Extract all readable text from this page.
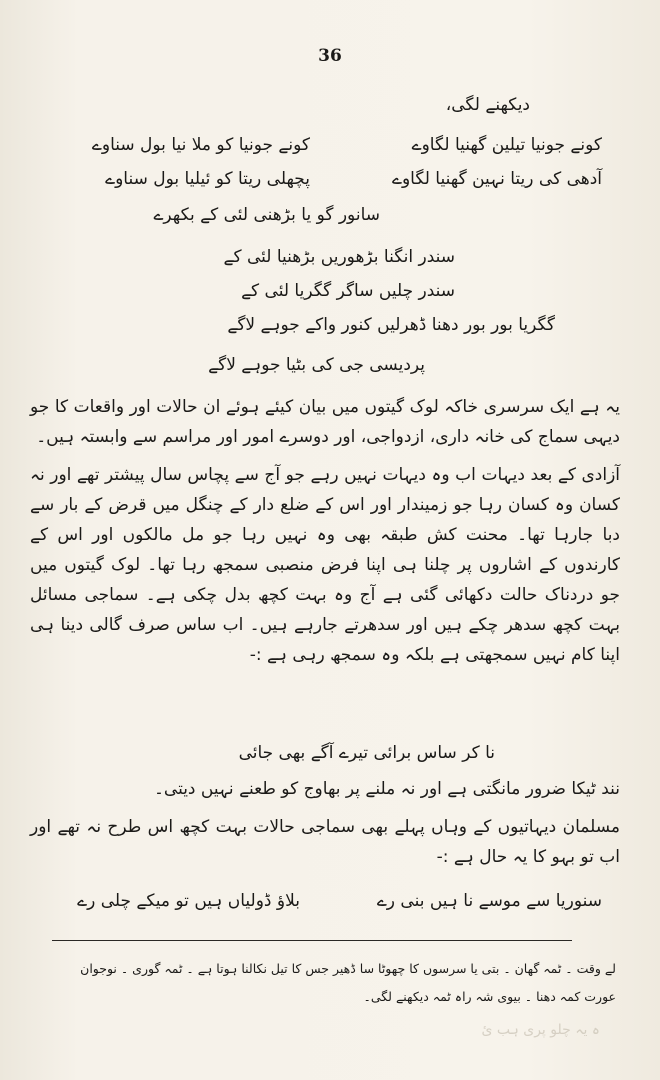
36
دیکھنے لگی،
کونے جونیا تیلین گھنیا لگاوے
کونے جونیا کو ملا نیا بول سناوے
آدھی کی ریتا نہین گھنیا لگاوے
پچھلی ریتا کو ئیلیا بول سناوے
سانور گو یا بڑھنی لئی کے بکھرے
سندر انگنا بڑھوریں بڑھنیا لئی کے
سندر چلیں ساگر گگریا لئی کے
گگریا بور بور دھنا ڈھرلیں کنور واکے جوہے لاگے
پردیسی جی کی بٹیا جوہے لاگے

یہ ہے ایک سرسری خاکہ لوک گیتوں میں بیان کیئے ہوئے ان حالات اور واقعات کا جو دیہی سماج کی خانہ داری، ازدواجی، اور دوسرے امور اور مراسم سے وابستہ ہیں۔

آزادی کے بعد دیہات اب وہ دیہات نہیں رہے جو آج سے پچاس سال پیشتر تھے اور نہ کسان وہ کسان رہا جو زمیندار اور اس کے ضلع دار کے چنگل میں قرض کے بار سے دبا جارہا تھا۔ محنت کش طبقہ بھی وہ نہیں رہا جو مل مالکوں اور اس کے کارندوں کے اشاروں پر چلنا ہی اپنا فرض منصبی سمجھ رہا تھا۔ لوک گیتوں میں جو دردناک حالت دکھائی گئی ہے آج وہ بہت کچھ بدل چکی ہے۔ سماجی مسائل بہت کچھ سدھر چکے ہیں اور سدھرتے جارہے ہیں۔ اب ساس صرف گالی دینا ہی اپنا کام نہیں سمجھتی ہے بلکہ وہ سمجھ رہی ہے :-

نا کر ساس برائی تیرے آگے بھی جائی

نند ٹیکا ضرور مانگتی ہے اور نہ ملنے پر بھاوج کو طعنے نہیں دیتی۔

مسلمان دیہاتیوں کے وہاں پہلے بھی سماجی حالات بہت کچھ اس طرح نہ تھے اور اب تو بہو کا یہ حال ہے :-

سنوریا سے موسے نا ہیں بنی رے
بلاؤ ڈولیاں ہیں تو میکے چلی رے
لے وقت ۔ ٹمہ گھان ۔ بتی یا سرسوں کا چھوٹا سا ڈھیر جس کا تیل نکالنا ہوتا ہے ۔ ٹمہ گوری ۔ نوجوان
عورت کمہ دھنا ۔ بیوی شہ راہ ٹمہ دیکھنے لگی۔
ہ یہ چلو پری ہب ئ
